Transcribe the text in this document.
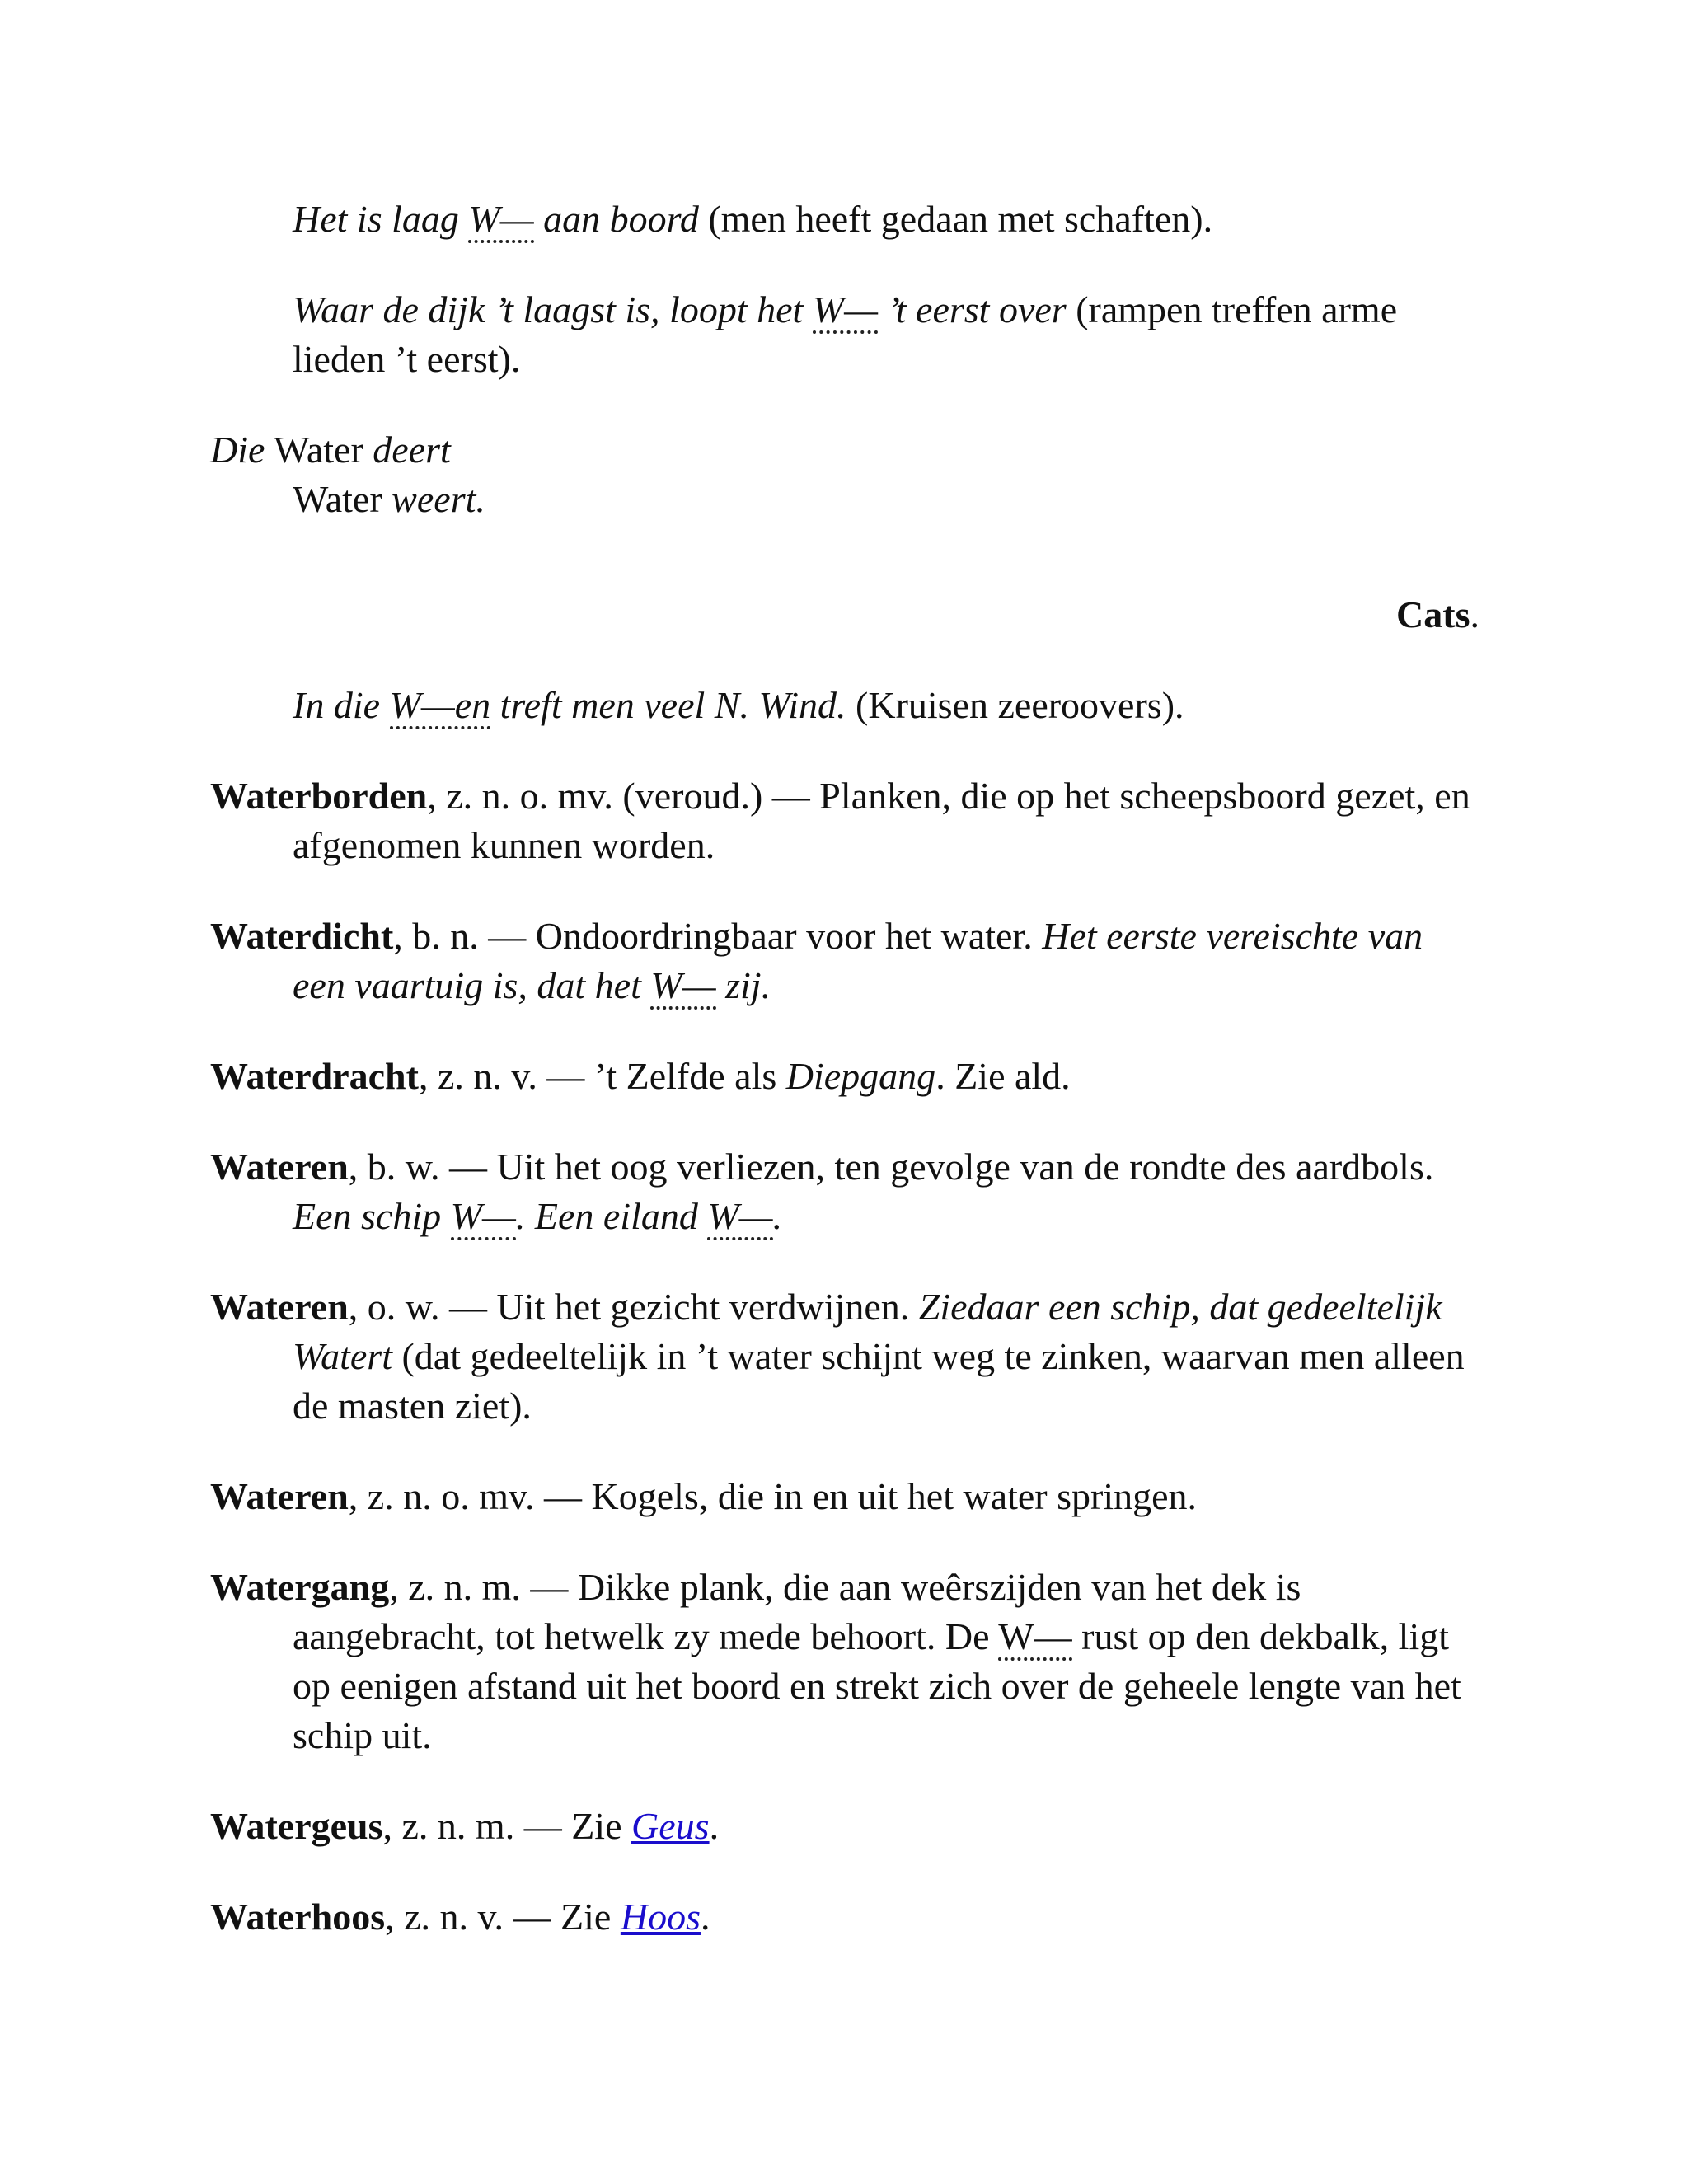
Het is laag W— aan boord (men heeft gedaan met schaften).

Waar de dijk ’t laagst is, loopt het W— ’t eerst over (rampen treffen arme lieden ’t eerst).

Die Water deert
Water weert.

Cats.

In die W—en treft men veel N. Wind. (Kruisen zeeroovers).

Waterborden, z. n. o. mv. (veroud.) — Planken, die op het scheepsboord gezet, en afgenomen kunnen worden.

Waterdicht, b. n. — Ondoordringbaar voor het water. Het eerste vereischte van een vaartuig is, dat het W— zij.

Waterdracht, z. n. v. — ’t Zelfde als Diepgang. Zie ald.

Wateren, b. w. — Uit het oog verliezen, ten gevolge van de rondte des aardbols. Een schip W—. Een eiland W—.

Wateren, o. w. — Uit het gezicht verdwijnen. Ziedaar een schip, dat gedeeltelijk Watert (dat gedeeltelijk in ’t water schijnt weg te zinken, waarvan men alleen de masten ziet).

Wateren, z. n. o. mv. — Kogels, die in en uit het water springen.

Watergang, z. n. m. — Dikke plank, die aan weêrszijden van het dek is aangebracht, tot hetwelk zy mede behoort. De W— rust op den dekbalk, ligt op eenigen afstand uit het boord en strekt zich over de geheele lengte van het schip uit.

Watergeus, z. n. m. — Zie Geus.

Waterhoos, z. n. v. — Zie Hoos.
